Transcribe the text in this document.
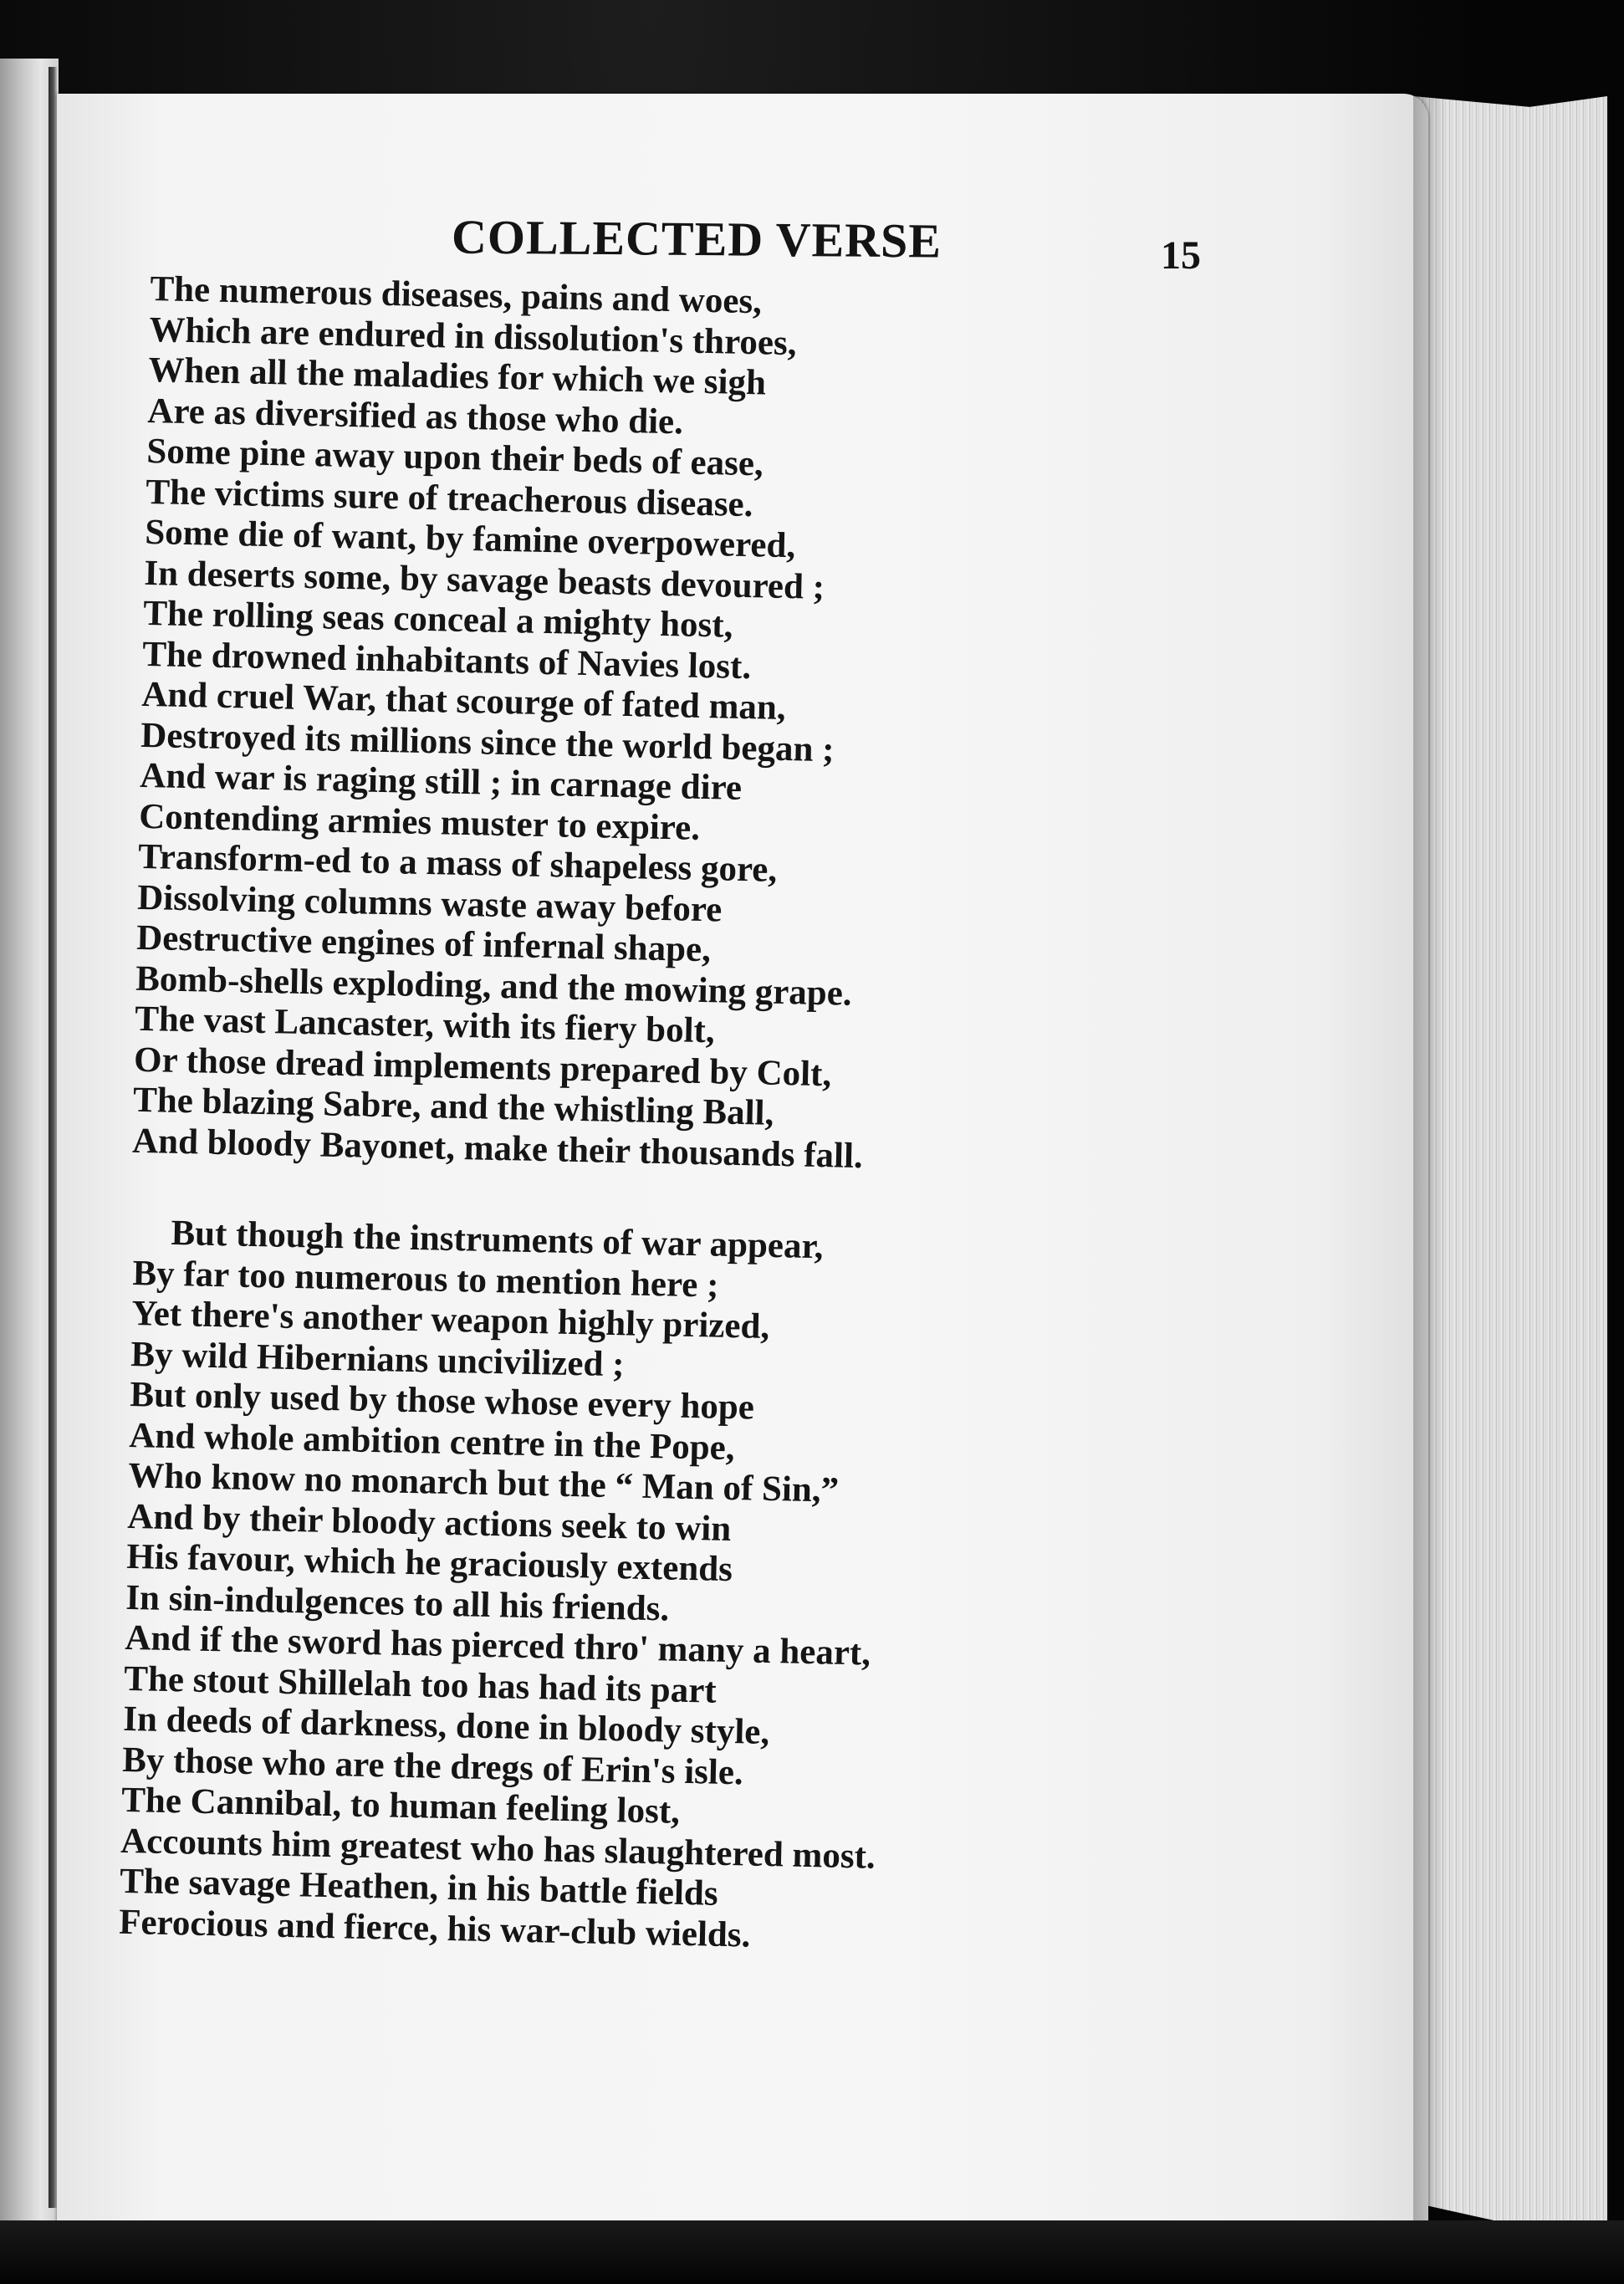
COLLECTED VERSE	15
The numerous diseases, pains and woes,
Which are endured in dissolution's throes,
When all the maladies for which we sigh
Are as diversified as those who die.
Some pine away upon their beds of ease,
The victims sure of treacherous disease.
Some die of want, by famine overpowered,
In deserts some, by savage beasts devoured ;
The rolling seas conceal a mighty host,
The drowned inhabitants of Navies lost.
And cruel War, that scourge of fated man,
Destroyed its millions since the world began ;
And war is raging still ; in carnage dire
Contending armies muster to expire.
Transform-ed to a mass of shapeless gore,
Dissolving columns waste away before
Destructive engines of infernal shape,
Bomb-shells exploding, and the mowing grape.
The vast Lancaster, with its fiery bolt,
Or those dread implements prepared by Colt,
The blazing Sabre, and the whistling Ball,
And bloody Bayonet, make their thousands fall.
But though the instruments of war appear,
By far too numerous to mention here ;
Yet there's another weapon highly prized,
By wild Hibernians uncivilized ;
But only used by those whose every hope
And whole ambition centre in the Pope,
Who know no monarch but the “ Man of Sin,”
And by their bloody actions seek to win
His favour, which he graciously extends
In sin-indulgences to all his friends.
And if the sword has pierced thro' many a heart,
The stout Shillelah too has had its part
In deeds of darkness, done in bloody style,
By those who are the dregs of Erin's isle.
The Cannibal, to human feeling lost,
Accounts him greatest who has slaughtered most.
The savage Heathen, in his battle fields
Ferocious and fierce, his war-club wields.
